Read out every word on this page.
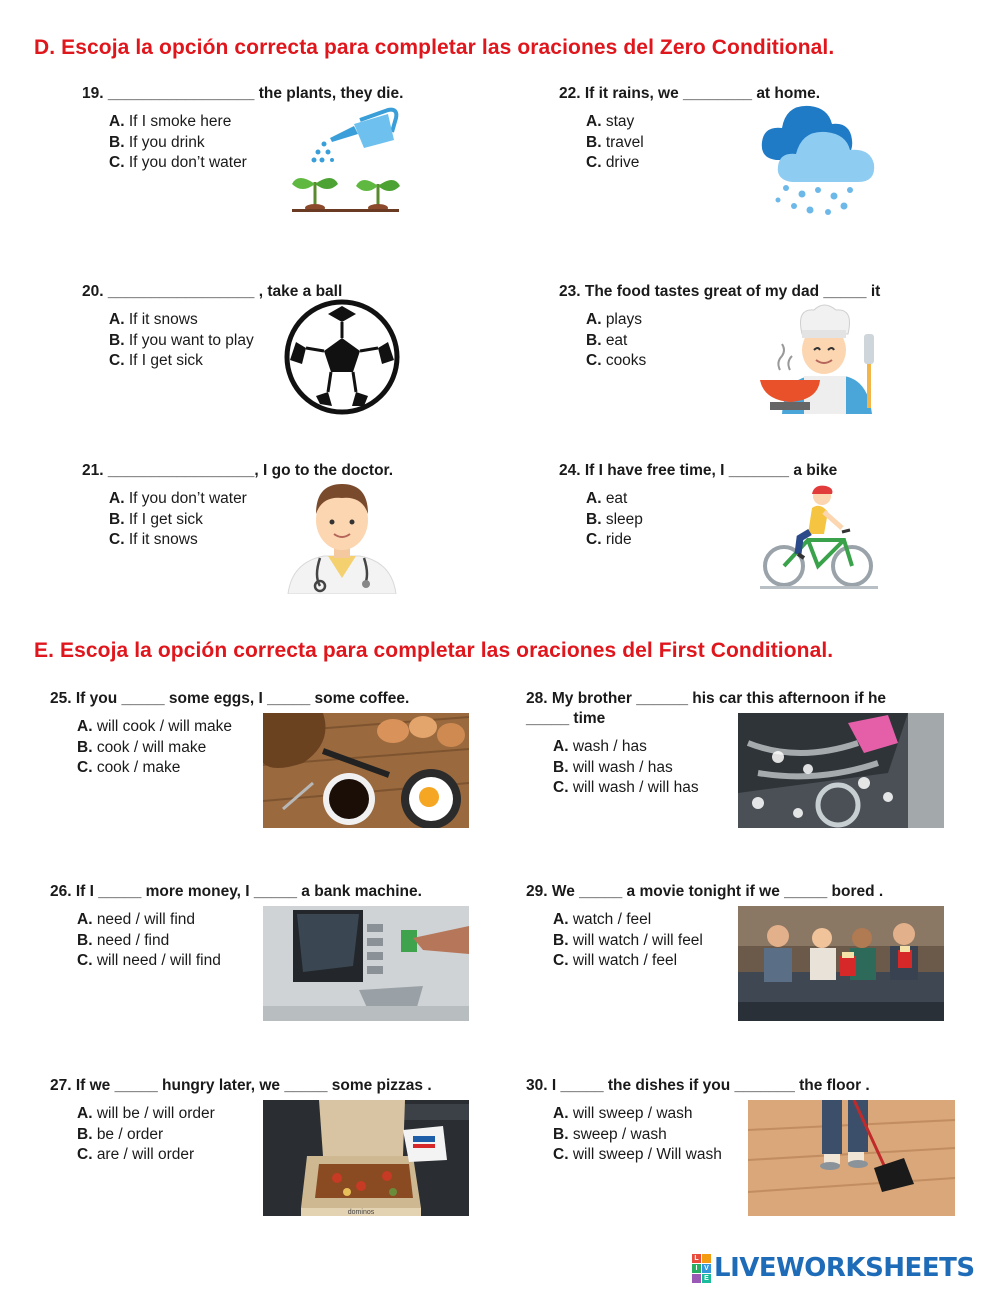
D. Escoja la opción correcta para completar las oraciones del Zero Conditional.
19. _________________ the plants, they die.
A. If I smoke here
B. If you drink
C. If you don’t water
20. _________________ , take a ball
A. If it snows
B. If you want to play
C. If I get sick
21. _________________, I go to the doctor.
A. If you don’t water
B. If I get sick
C. If it snows
22. If it rains, we ________ at home.
A. stay
B. travel
C. drive
23. The food tastes great of my dad _____ it
A. plays
B. eat
C. cooks
24. If I have free time, I _______ a bike
A. eat
B. sleep
C. ride
E. Escoja la opción correcta para completar las oraciones del First Conditional.
25. If you _____ some eggs, I _____ some coffee.
A. will cook / will make
B. cook / will make
C. cook / make
26. If I _____ more money, I _____ a bank machine.
A. need / will find
B. need / find
C. will need / will find
27. If we _____ hungry later, we _____ some pizzas .
A. will be / will order
B. be / order
C. are / will order
dominos
28. My brother ______ his car this afternoon if he _____ time
A. wash / has
B. will wash / has
C. will wash / will has
29. We _____ a movie tonight if we _____ bored .
A. watch / feel
B. will watch / will feel
C. will watch / feel
30. I _____ the dishes if you _______ the floor .
A. will sweep / wash
B. sweep / wash
C. will sweep / Will wash
L
I V
E LIVEWORKSHEETS
